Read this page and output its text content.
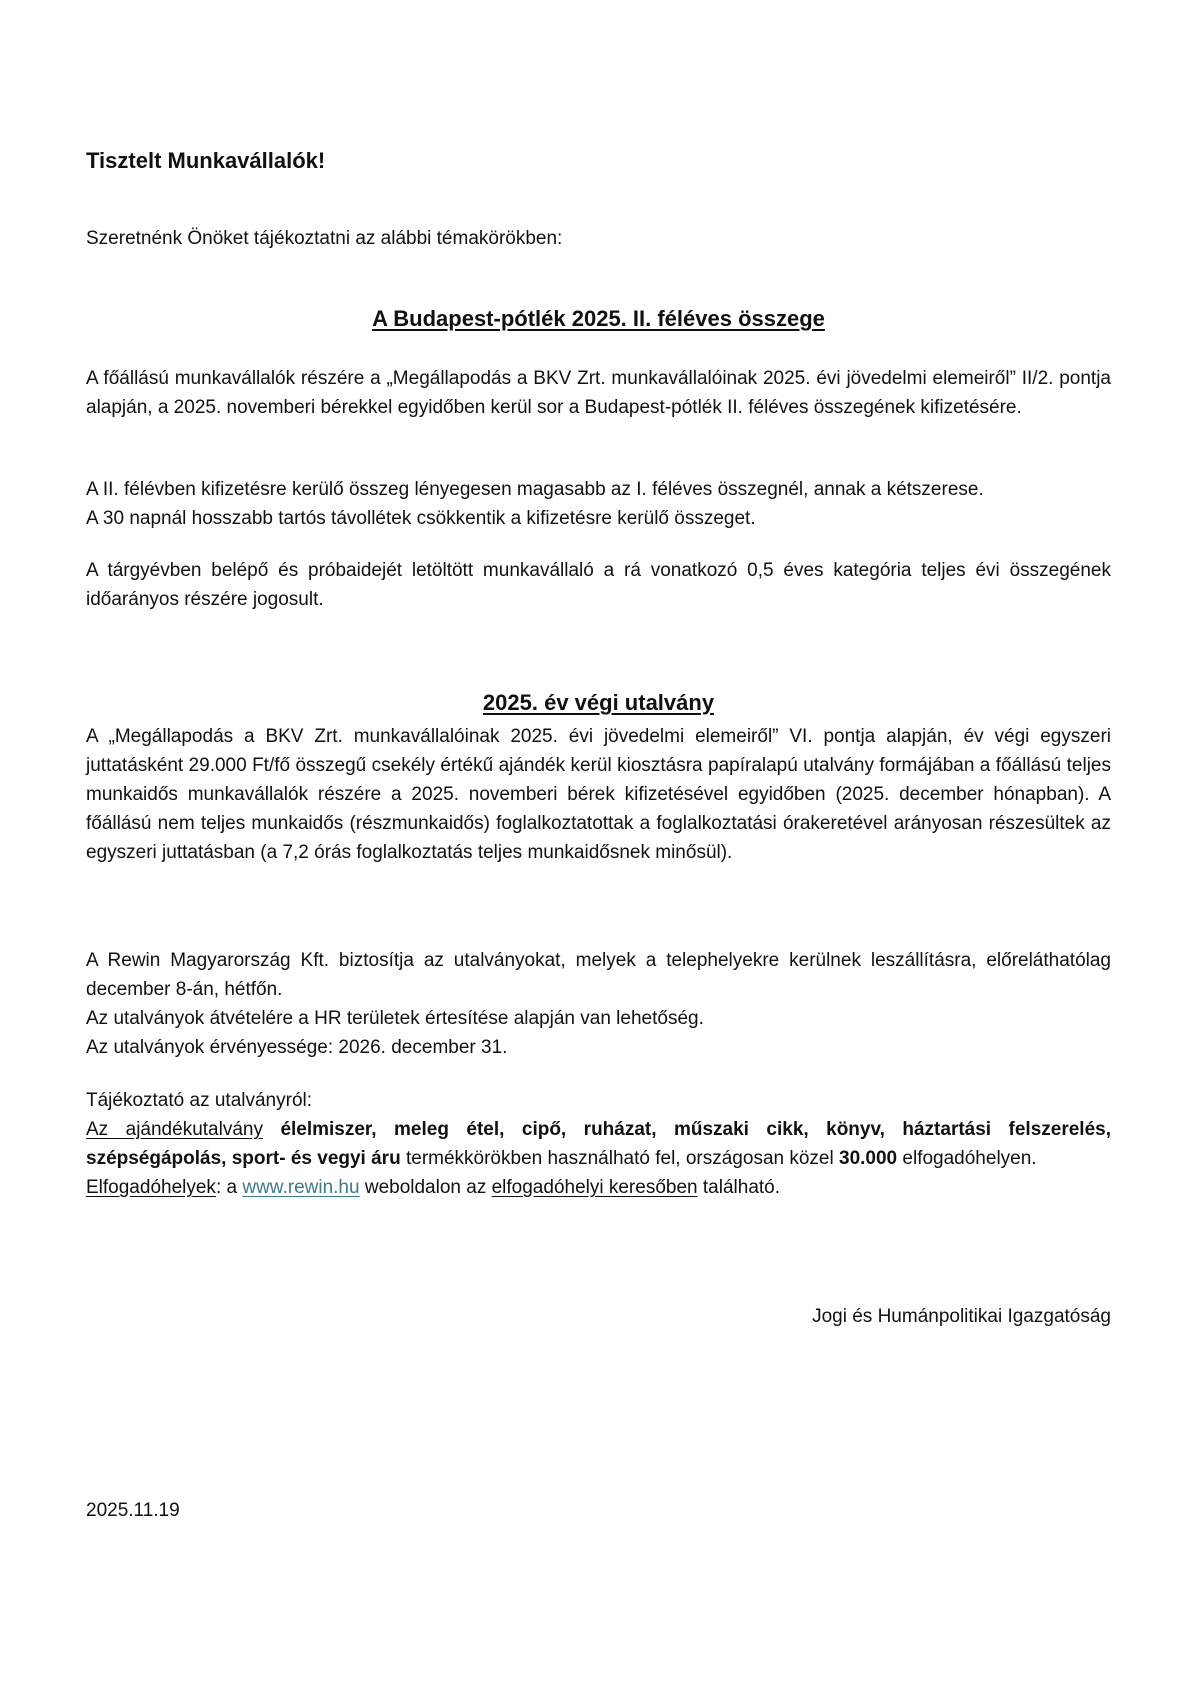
Tisztelt Munkavállalók!
Szeretnénk Önöket tájékoztatni az alábbi témakörökben:
A Budapest-pótlék 2025. II. féléves összege
A főállású munkavállalók részére a „Megállapodás a BKV Zrt. munkavállalóinak 2025. évi jövedelmi elemeiről” II/2. pontja alapján, a 2025. novemberi bérekkel egyidőben kerül sor a Budapest-pótlék II. féléves összegének kifizetésére.
A II. félévben kifizetésre kerülő összeg lényegesen magasabb az I. féléves összegnél, annak a kétszerese.
A 30 napnál hosszabb tartós távollétek csökkentik a kifizetésre kerülő összeget.
A tárgyévben belépő és próbaidejét letöltött munkavállaló a rá vonatkozó 0,5 éves kategória teljes évi összegének időarányos részére jogosult.
2025. év végi utalvány
A „Megállapodás a BKV Zrt. munkavállalóinak 2025. évi jövedelmi elemeiről” VI. pontja alapján, év végi egyszeri juttatásként 29.000 Ft/fő összegű csekély értékű ajándék kerül kiosztásra papíralapú utalvány formájában a főállású teljes munkaidős munkavállalók részére a 2025. novemberi bérek kifizetésével egyidőben (2025. december hónapban). A főállású nem teljes munkaidős (részmunkaidős) foglalkoztatottak a foglalkoztatási órakeretével arányosan részesültek az egyszeri juttatásban (a 7,2 órás foglalkoztatás teljes munkaidősnek minősül).
A Rewin Magyarország Kft. biztosítja az utalványokat, melyek a telephelyekre kerülnek leszállításra, előreláthatólag december 8-án, hétfőn.
Az utalványok átvételére a HR területek értesítése alapján van lehetőség.
Az utalványok érvényessége: 2026. december 31.
Tájékoztató az utalványról:
Az ajándékutalvány élelmiszer, meleg étel, cipő, ruházat, műszaki cikk, könyv, háztartási felszerelés, szépségápolás, sport- és vegyi áru termékkörökben használható fel, országosan közel 30.000 elfogadóhelyen.
Elfogadóhelyek: a www.rewin.hu weboldalon az elfogadóhelyi keresőben található.
Jogi és Humánpolitikai Igazgatóság
2025.11.19
